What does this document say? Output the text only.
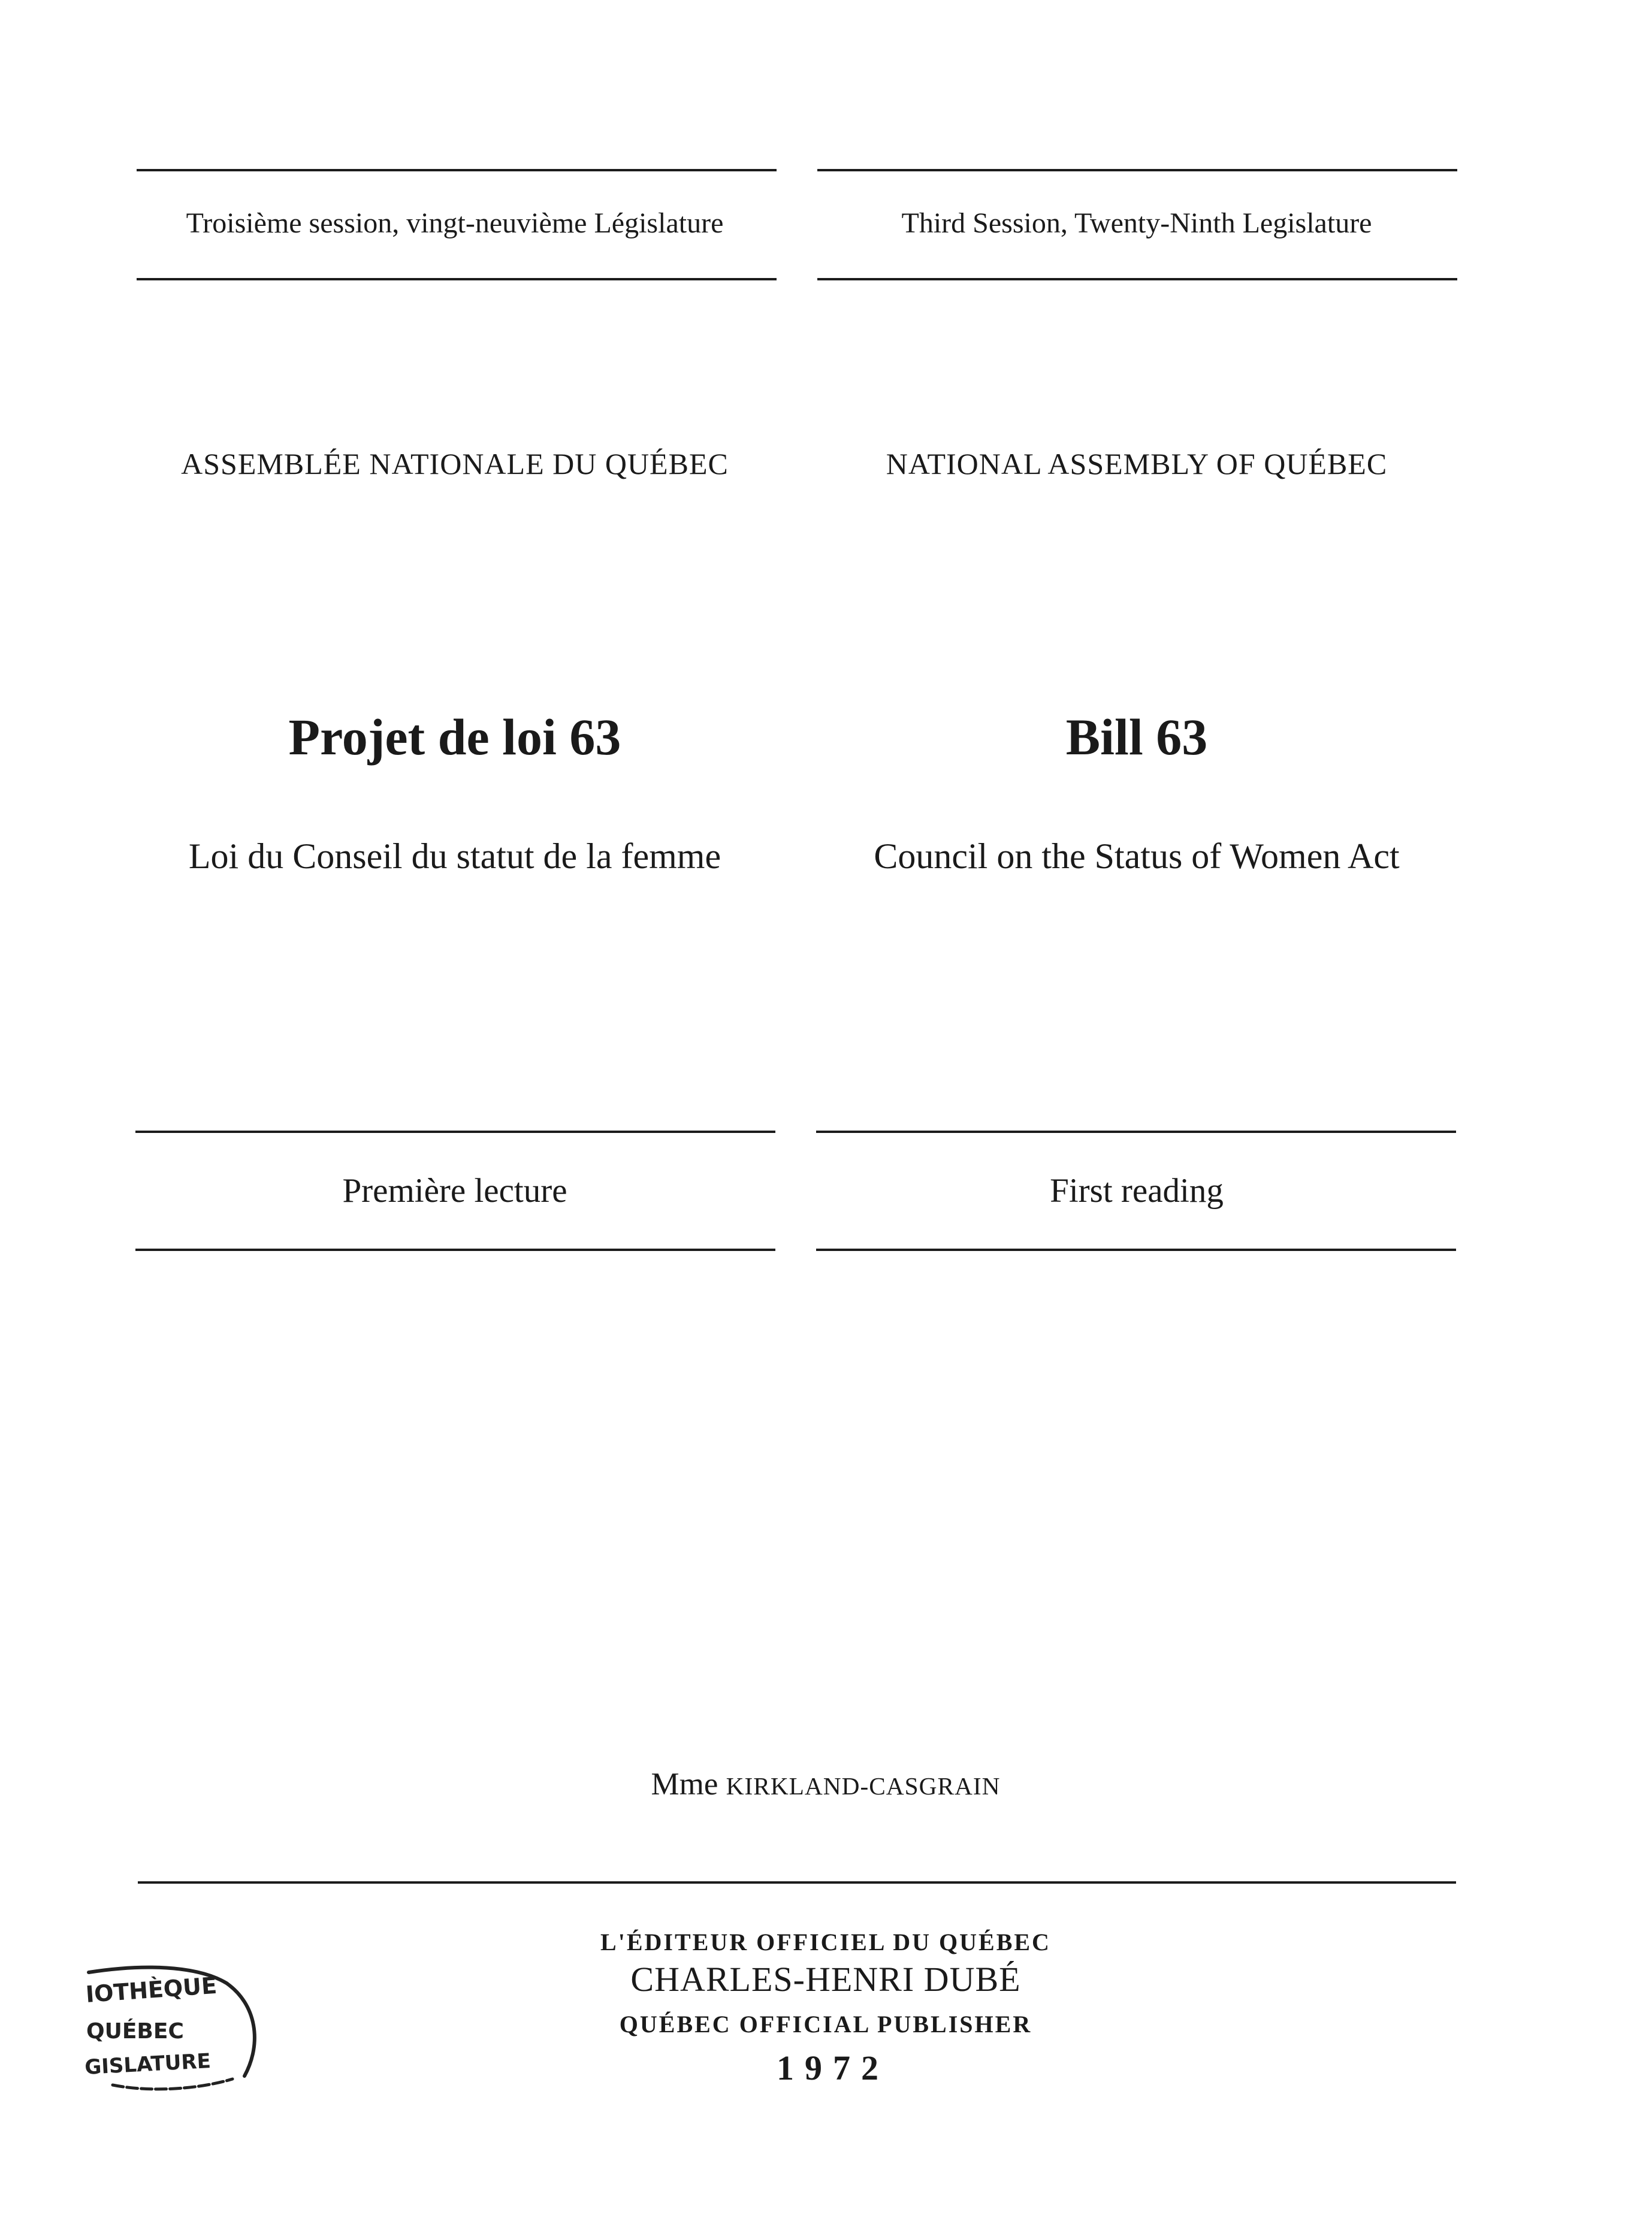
Troisième session, vingt-neuvième Législature	Third Session, Twenty-Ninth Legislature
ASSEMBLÉE NATIONALE DU QUÉBEC	NATIONAL ASSEMBLY OF QUÉBEC
Projet de loi 63	Bill 63
Loi du Conseil du statut de la femme	Council on the Status of Women Act
Première lecture	First reading
Mme KIRKLAND-CASGRAIN
L'ÉDITEUR OFFICIEL DU QUÉBEC
CHARLES-HENRI DUBÉ
QUÉBEC OFFICIAL PUBLISHER
1972
IOTHÈQUE
QUÉBEC
GISLATURE
